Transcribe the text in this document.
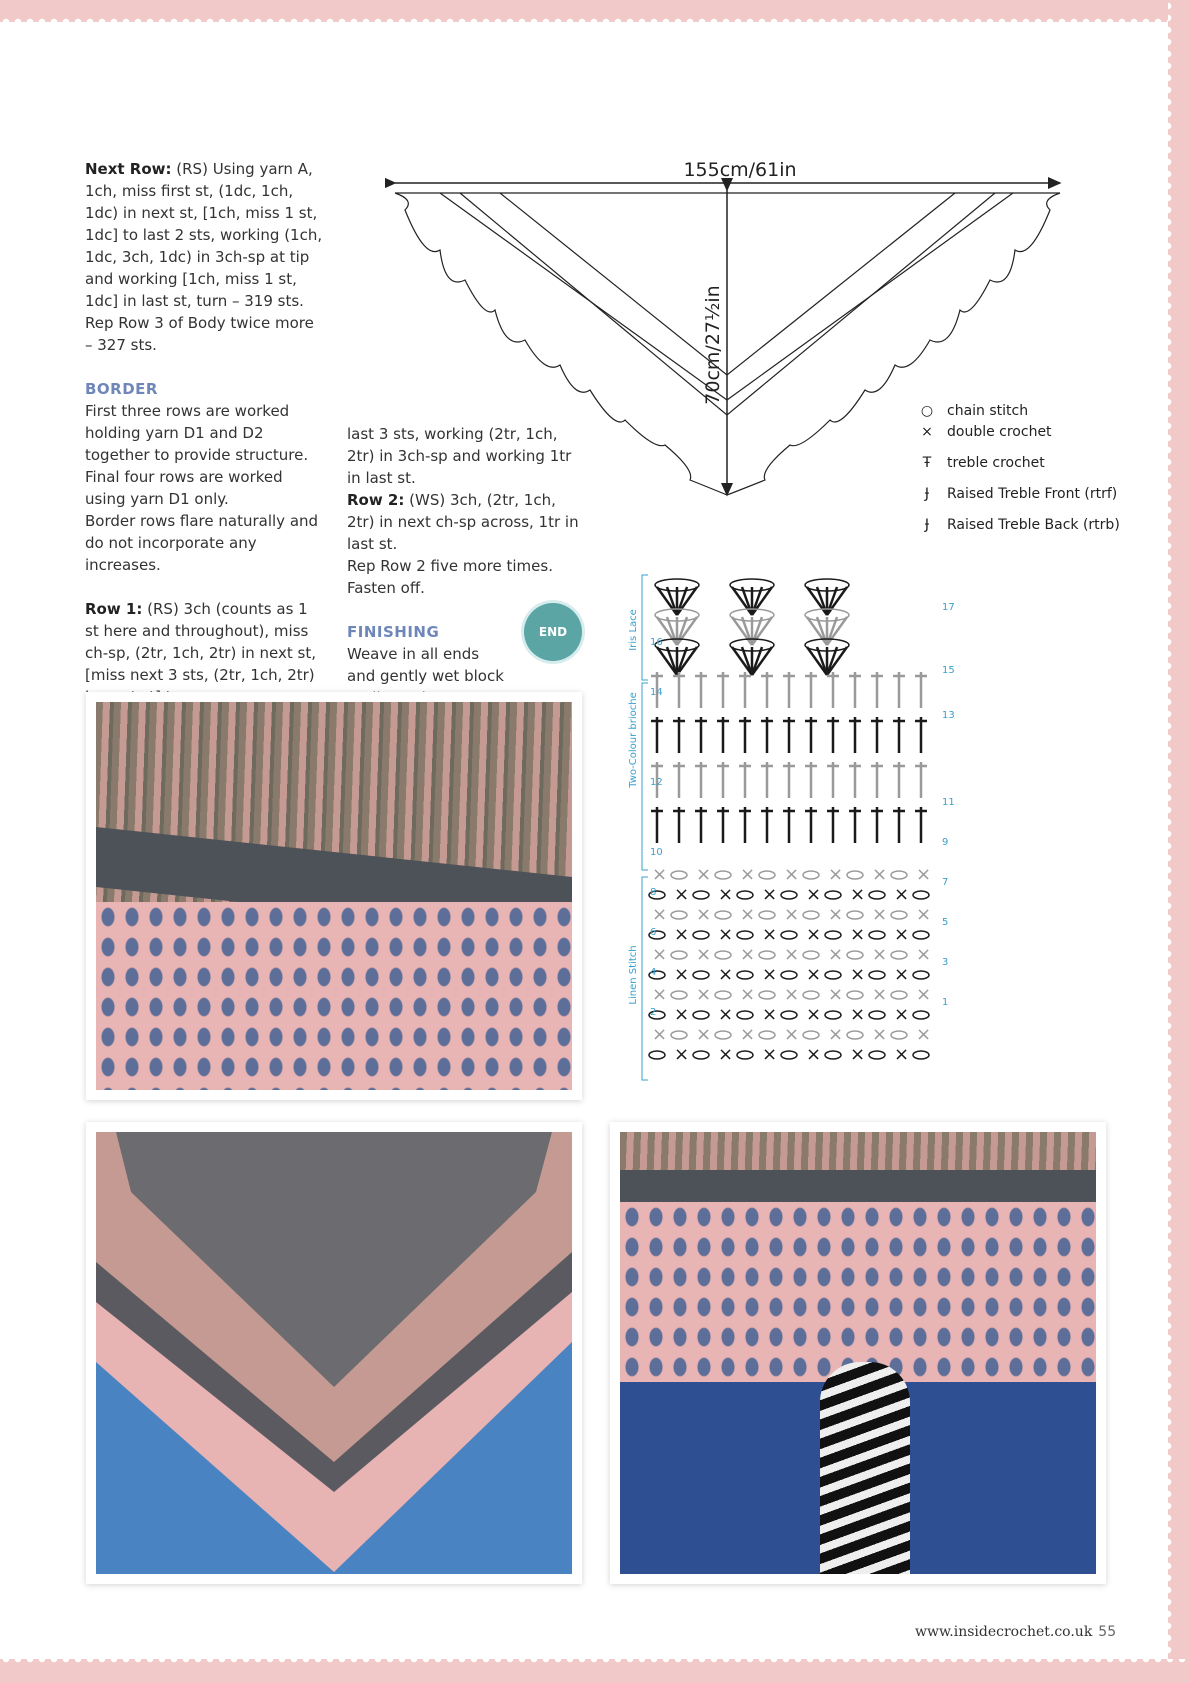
Next Row: (RS) Using yarn A, 1ch, miss first st, (1dc, 1ch, 1dc) in next st, [1ch, miss 1 st, 1dc] to last 2 sts, working (1ch, 1dc, 3ch, 1dc) in 3ch-sp at tip and working [1ch, miss 1 st, 1dc] in last st, turn – 319 sts.

Rep Row 3 of Body twice more – 327 sts.

BORDER

First three rows are worked holding yarn D1 and D2 together to provide structure.

Final four rows are worked using yarn D1 only.

Border rows flare naturally and do not incorporate any increases.

Row 1: (RS) 3ch (counts as 1 st here and throughout), miss ch-sp, (2tr, 1ch, 2tr) in next st, [miss next 3 sts, (2tr, 1ch, 2tr)

last 3 sts, working (2tr, 1ch, 2tr) in 3ch-sp and working 1tr in last st.

Row 2: (WS) 3ch, (2tr, 1ch, 2tr) in next ch-sp across, 1tr in last st.

Rep Row 2 five more times.

Fasten off.

FINISHING

Weave in all ends and gently wet block

END
155cm/61in
70cm/27½in
○ chain stitch
×	double crochet
Ŧ	treble crochet
Ɉ	Raised Treble Front (rtrf)
Ɉ	Raised Treble Back (rtrb)
Iris Lace
Two-Colour brioche
Linen Stitch
× × × × × × ×
× × × × × ×
× × × × × × ×
× × × × × ×
× × × × × × ×
× × × × × ×
× × × × × × ×
× × × × × ×
× × × × × × ×
× × × × × ×
17
15
13
11
9
7
5
3
1
16
14
12
10
8
6
4
2
www.insidecrochet.co.uk 55
